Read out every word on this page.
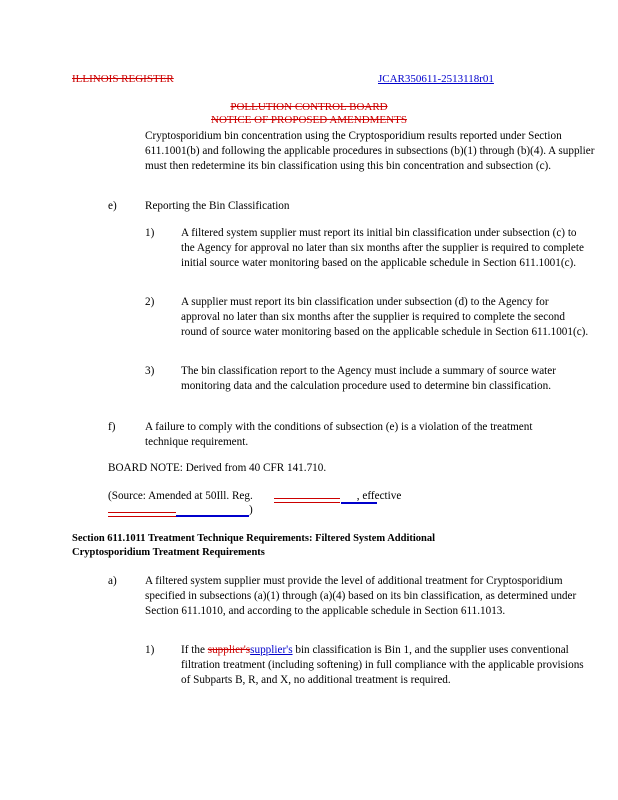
ILLINOIS REGISTER	JCAR350611-2513118r01
POLLUTION CONTROL BOARD
NOTICE OF PROPOSED AMENDMENTS
Cryptosporidium bin concentration using the Cryptosporidium results reported under Section 611.1001(b) and following the applicable procedures in subsections (b)(1) through (b)(4). A supplier must then redetermine its bin classification using this bin concentration and subsection (c).
e)	Reporting the Bin Classification
1) A filtered system supplier must report its initial bin classification under subsection (c) to the Agency for approval no later than six months after the supplier is required to complete initial source water monitoring based on the applicable schedule in Section 611.1001(c).
2) A supplier must report its bin classification under subsection (d) to the Agency for approval no later than six months after the supplier is required to complete the second round of source water monitoring based on the applicable schedule in Section 611.1001(c).
3) The bin classification report to the Agency must include a summary of source water monitoring data and the calculation procedure used to determine bin classification.
f)	A failure to comply with the conditions of subsection (e) is a violation of the treatment technique requirement.
BOARD NOTE: Derived from 40 CFR 141.710.
(Source: Amended at 50Ill. Reg.	, effective
)
Section 611.1011 Treatment Technique Requirements: Filtered System Additional
Cryptosporidium Treatment Requirements
a)	A filtered system supplier must provide the level of additional treatment for Cryptosporidium specified in subsections (a)(1) through (a)(4) based on its bin classification, as determined under Section 611.1010, and according to the applicable schedule in Section 611.1013.
1) If the supplier'ssupplier's bin classification is Bin 1, and the supplier uses conventional filtration treatment (including softening) in full compliance with the applicable provisions of Subparts B, R, and X, no additional treatment is required.
